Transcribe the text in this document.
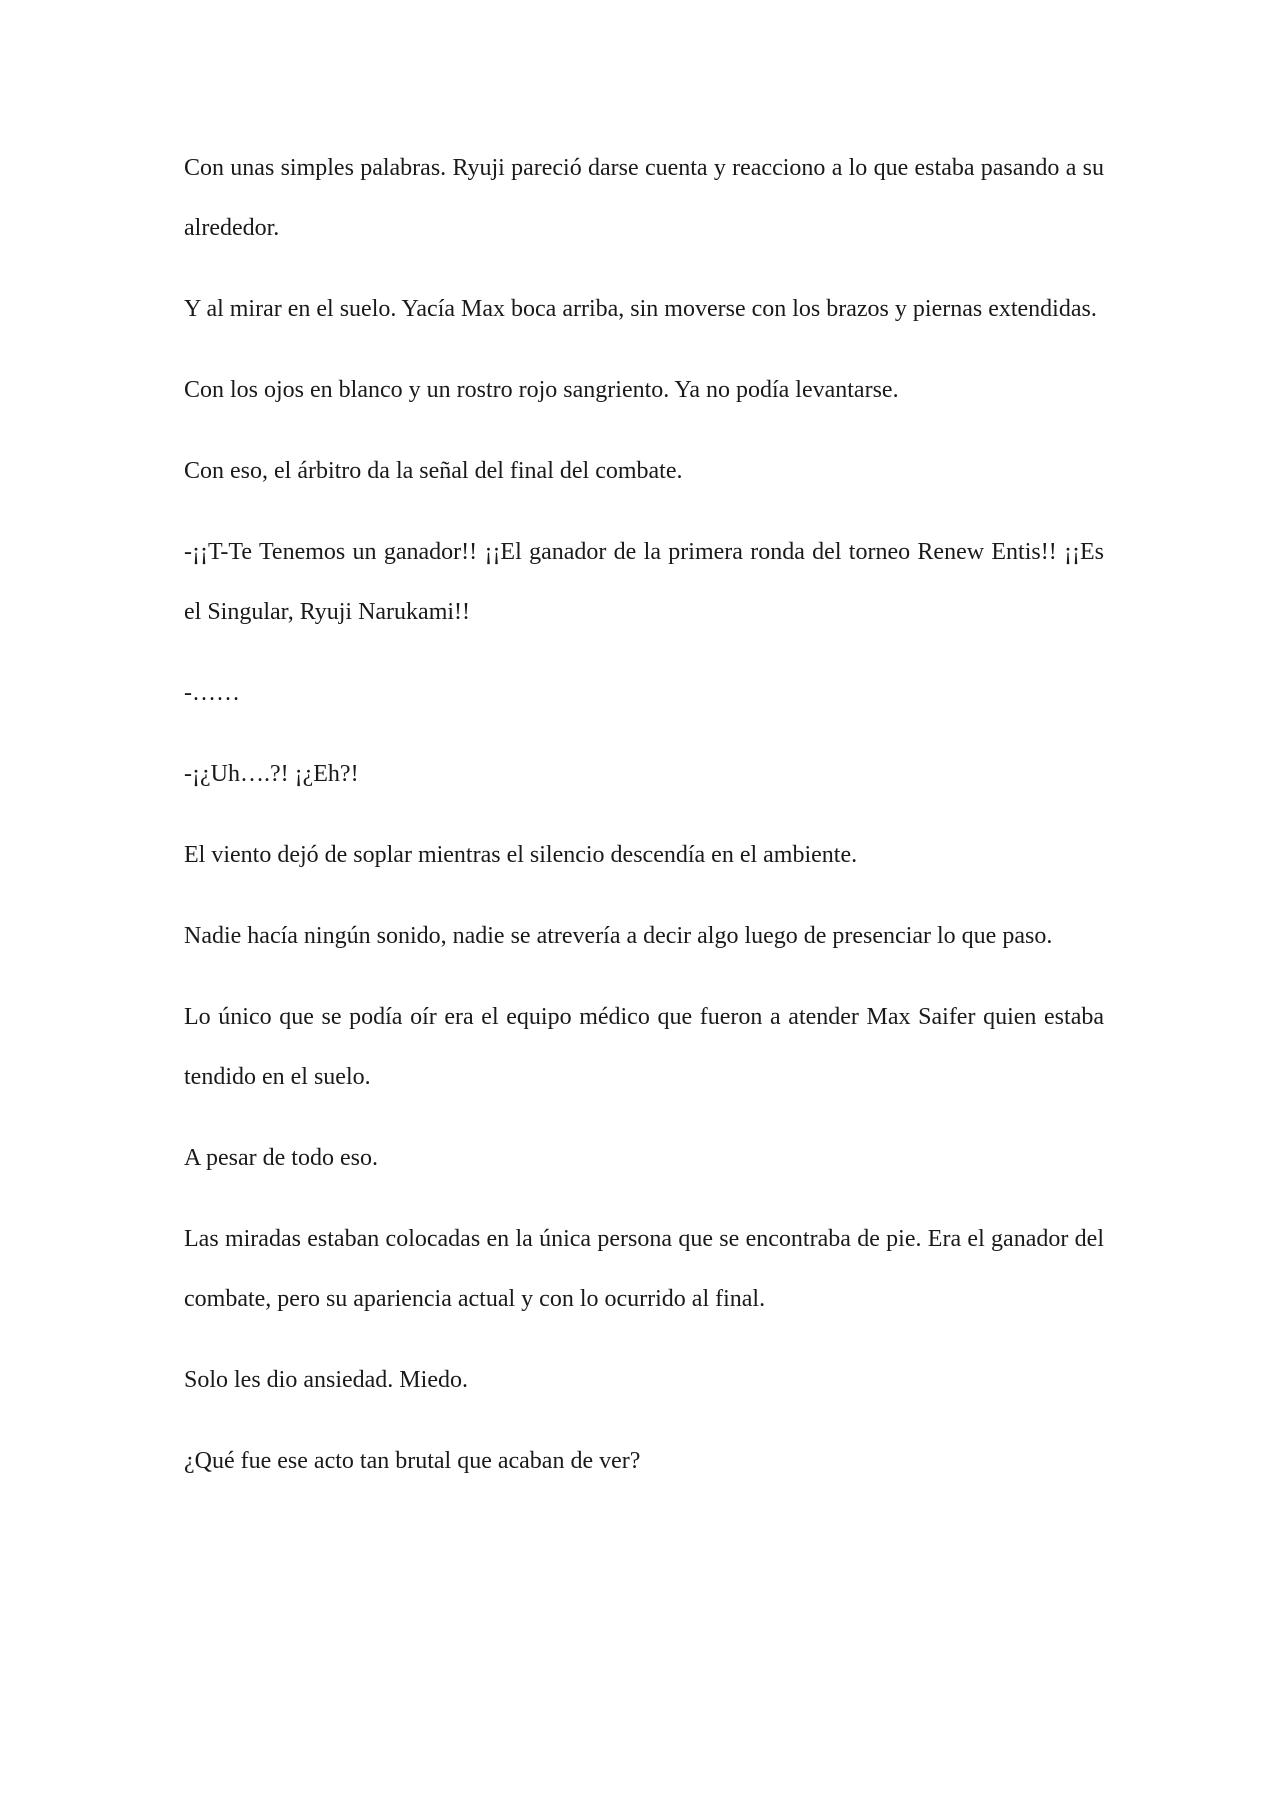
Con unas simples palabras. Ryuji pareció darse cuenta y reacciono a lo que estaba pasando a su alrededor.

Y al mirar en el suelo. Yacía Max boca arriba, sin moverse con los brazos y piernas extendidas.

Con los ojos en blanco y un rostro rojo sangriento. Ya no podía levantarse.

Con eso, el árbitro da la señal del final del combate.

-¡¡T-Te Tenemos un ganador!! ¡¡El ganador de la primera ronda del torneo Renew Entis!! ¡¡Es el Singular, Ryuji Narukami!!

-……

-¡¿Uh….?! ¡¿Eh?!

El viento dejó de soplar mientras el silencio descendía en el ambiente.

Nadie hacía ningún sonido, nadie se atrevería a decir algo luego de presenciar lo que paso.

Lo único que se podía oír era el equipo médico que fueron a atender Max Saifer quien estaba tendido en el suelo.

A pesar de todo eso.

Las miradas estaban colocadas en la única persona que se encontraba de pie. Era el ganador del combate, pero su apariencia actual y con lo ocurrido al final.

Solo les dio ansiedad. Miedo.

¿Qué fue ese acto tan brutal que acaban de ver?
